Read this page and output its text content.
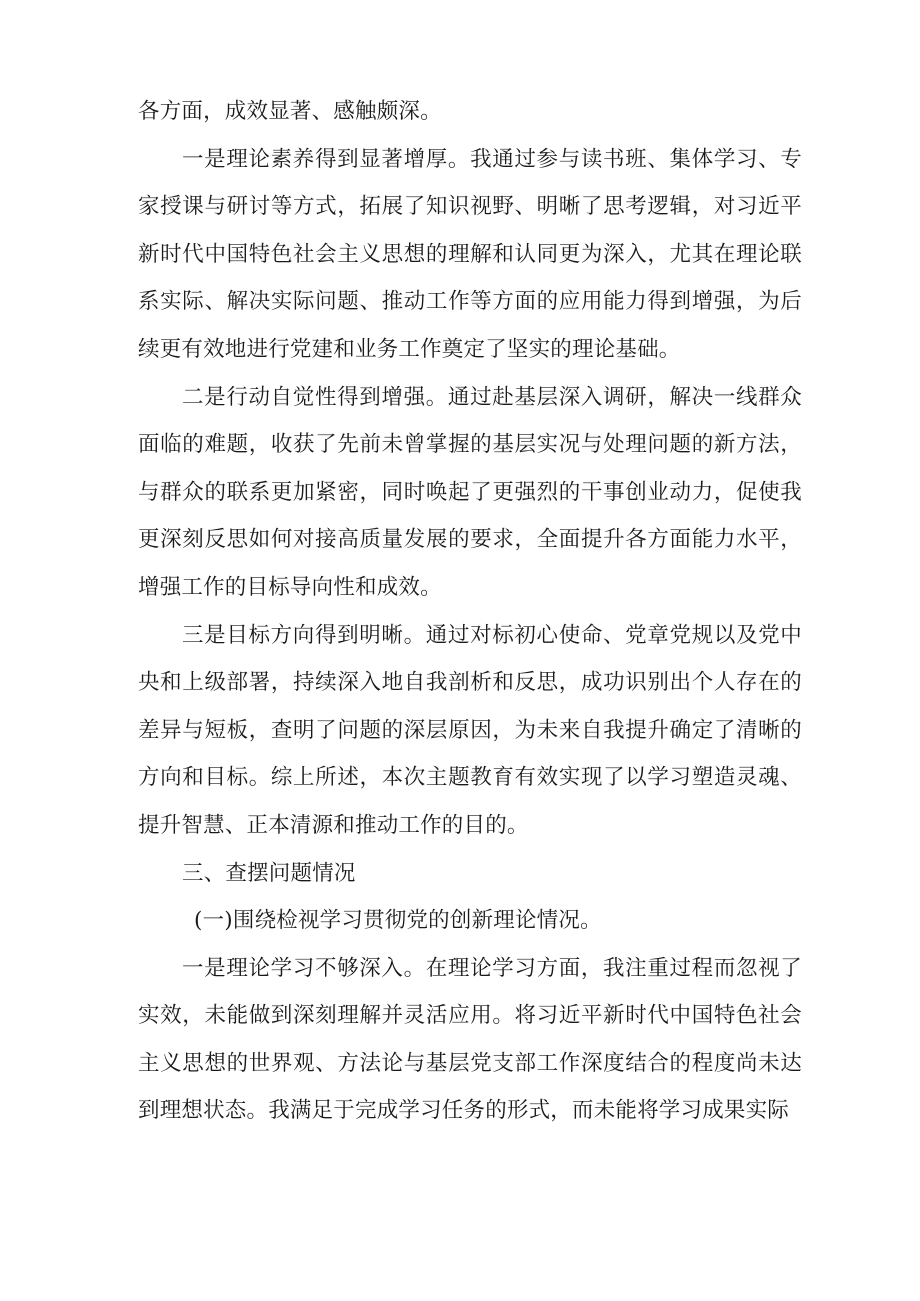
各方面，成效显著、感触颇深。

一是理论素养得到显著增厚。我通过参与读书班、集体学习、专家授课与研讨等方式，拓展了知识视野、明晰了思考逻辑，对习近平新时代中国特色社会主义思想的理解和认同更为深入，尤其在理论联系实际、解决实际问题、推动工作等方面的应用能力得到增强，为后续更有效地进行党建和业务工作奠定了坚实的理论基础。

二是行动自觉性得到增强。通过赴基层深入调研，解决一线群众面临的难题，收获了先前未曾掌握的基层实况与处理问题的新方法，与群众的联系更加紧密，同时唤起了更强烈的干事创业动力，促使我更深刻反思如何对接高质量发展的要求，全面提升各方面能力水平，增强工作的目标导向性和成效。

三是目标方向得到明晰。通过对标初心使命、党章党规以及党中央和上级部署，持续深入地自我剖析和反思，成功识别出个人存在的差异与短板，查明了问题的深层原因，为未来自我提升确定了清晰的方向和目标。综上所述，本次主题教育有效实现了以学习塑造灵魂、提升智慧、正本清源和推动工作的目的。

三、查摆问题情况

(一)围绕检视学习贯彻党的创新理论情况。

一是理论学习不够深入。在理论学习方面，我注重过程而忽视了实效，未能做到深刻理解并灵活应用。将习近平新时代中国特色社会主义思想的世界观、方法论与基层党支部工作深度结合的程度尚未达到理想状态。我满足于完成学习任务的形式，而未能将学习成果实际
